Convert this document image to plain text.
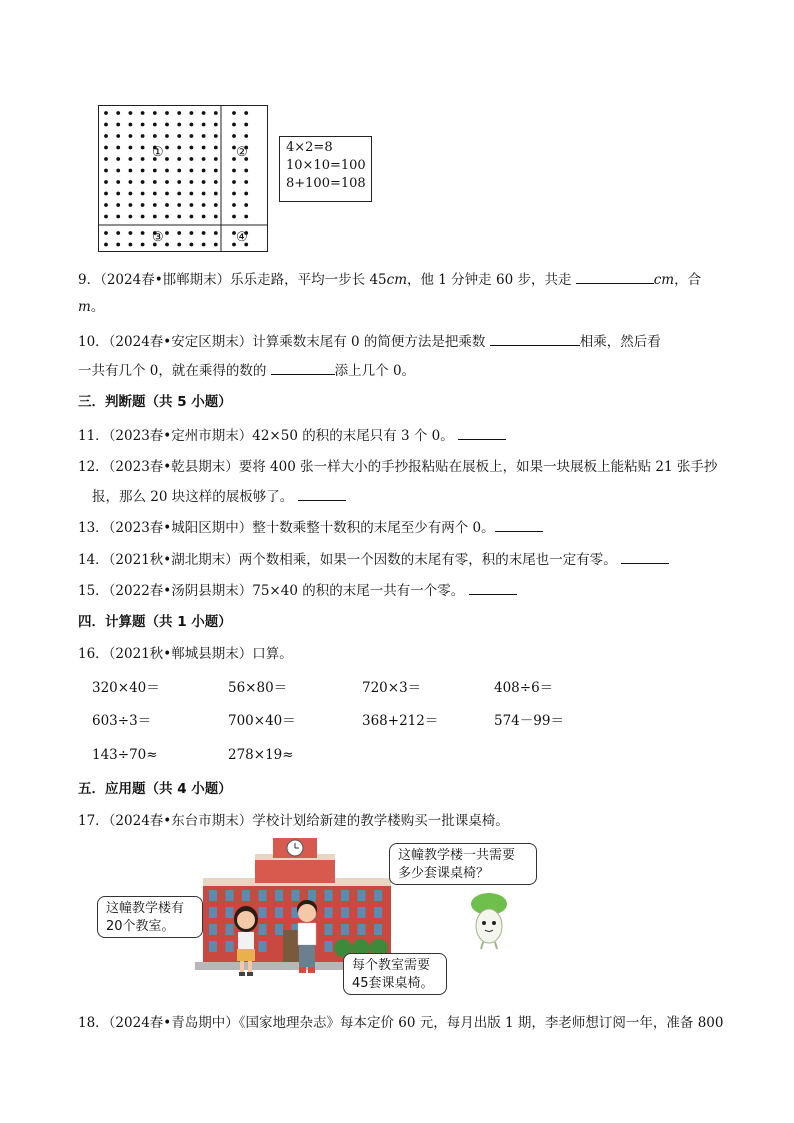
①	②
③	④
4×2=8
10×10=100
8+100=108
9．（2024春•邯郸期末）乐乐走路，平均一步长 45cm，他 1 分钟走 60 步，共走	cm，合
m。
10．（2024春•安定区期末）计算乘数末尾有 0 的简便方法是把乘数	相乘，然后看
一共有几个 0，就在乘得的数的	添上几个 0。
三．判断题（共 5 小题）
11．（2023春•定州市期末）42×50 的积的末尾只有 3 个 0。
12．（2023春•乾县期末）要将 400 张一样大小的手抄报粘贴在展板上，如果一块展板上能粘贴 21 张手抄
报，那么 20 块这样的展板够了。
13．（2023春•城阳区期中）整十数乘整十数积的末尾至少有两个 0。
14．（2021秋•湖北期末）两个数相乘，如果一个因数的末尾有零，积的末尾也一定有零。
15．（2022春•汤阴县期末）75×40 的积的末尾一共有一个零。
四．计算题（共 1 小题）
16．（2021秋•郸城县期末）口算。
320×40＝	56×80＝	720×3＝	408÷6＝
603÷3＝	700×40＝	368+212＝	574－99＝
143÷70≈	278×19≈
五．应用题（共 4 小题）
17．（2024春•东台市期末）学校计划给新建的教学楼购买一批课桌椅。
这幢教学楼有
20个教室。
这幢教学楼一共需要
多少套课桌椅？
每个教室需要
45套课桌椅。
18．（2024春•青岛期中）《国家地理杂志》每本定价 60 元，每月出版 1 期，李老师想订阅一年，准备 800
